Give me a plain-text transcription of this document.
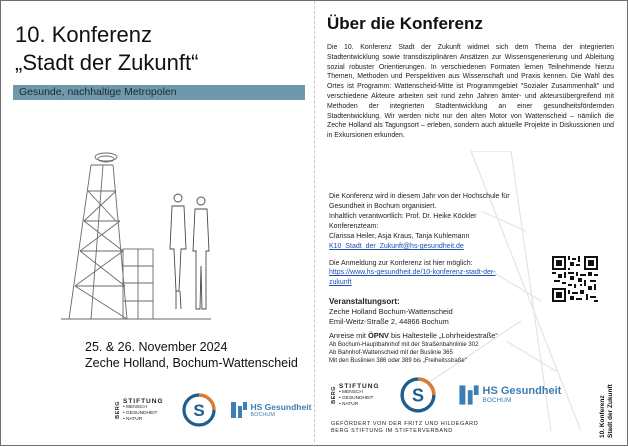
10. Konferenz
„Stadt der Zukunft“
Gesunde, nachhaltige Metropolen

25. & 26. November 2024
Zeche Holland, Bochum-Wattenscheid

BERG
STIFTUNG
• MENSCH
• GESUNDHEIT
• NATUR	S	HS Gesundheit
BOCHUM
Über die Konferenz

Die 10. Konferenz Stadt der Zukunft widmet sich dem Thema der integrierten Stadtentwicklung sowie transdisziplinären Ansätzen zur Wissensgenerierung und Ableitung sozial robuster Orientierungen. In verschiedenen Formaten lernen Teilnehmende hierzu Themen, Methoden und Perspektiven aus Wissenschaft und Praxis kennen. Die Wahl des Ortes ist Programm: Wattenscheid-Mitte ist Programmgebiet "Sozialer Zusammenhalt" und verschiedene Akteure arbeiten seit rund zehn Jahren ämter- und akteursübergreifend mit Methoden der integrierten Stadtentwicklung an einer gesundheitsfördernden Stadtentwicklung. Wir werden nicht nur den alten Motor von Wattenscheid – nämlich die Zeche Holland als Tagungsort – erleben, sondern auch aktuelle Projekte in Diskussionen und in Exkursionen erkunden.

Die Konferenz wird in diesem Jahr von der Hochschule für
Gesundheit in Bochum organisiert.
Inhaltlich verantwortlich: Prof. Dr. Heike Köckler
Konferenzteam:
Clarissa Heiler, Asja Kraus, Tanja Kuhlemann
K10_Stadt_der_Zukunft@hs-gesundheit.de
Die Anmeldung zur Konferenz ist hier möglich:
https://www.hs-gesundheit.de/10-konferenz-stadt-der-
zukunft
Veranstaltungsort:
Zeche Holland Bochum-Wattenscheid
Emil-Weitz-Straße 2, 44866 Bochum
Anreise mit ÖPNV bis Haltestelle „Lohrheidestraße“
Ab Bochum-Hauptbahnhof mit der Straßenbahnlinie 302
Ab Bahnhof-Wattenscheid mit der Buslinie 365
Mit den Buslinien 386 oder 389 bis „Freiheitsstraße“
BERG
STIFTUNG
• MENSCH
• GESUNDHEIT
• NATUR	S	HS Gesundheit
BOCHUM
GEFÖRDERT VON DER FRITZ UND HILDEGARD
BERG STIFTUNG IM STIFTERVERBAND	10. Konferenz Stadt der Zukunft
